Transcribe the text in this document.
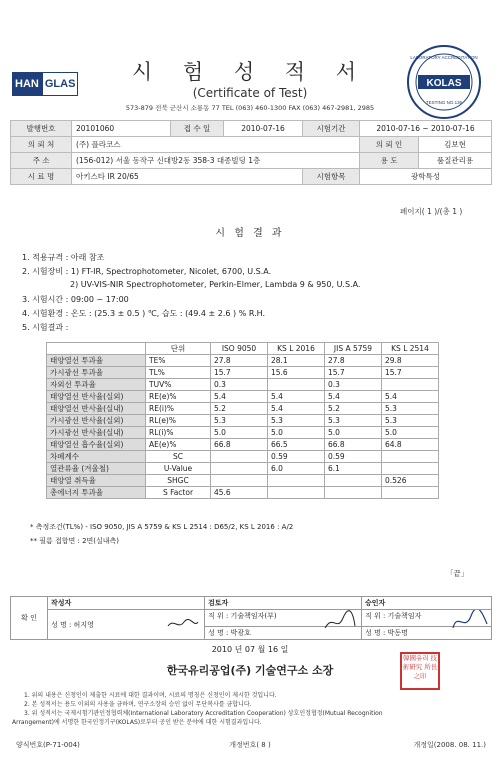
HAN GLAS	시 험 성 적 서
(Certificate of Test)
KOLAS
LABORATORY ACCREDITATION
TESTING NO.136
573-879 전북 군산시 소룡동 77 TEL (063) 460-1300 FAX (063) 467-2981, 2985
발행번호	20101060	접 수 일	2010-07-16	시험기간	2010-07-16 ~ 2010-07-16	
의 뢰 처	(주) 플라코스				의 뢰 인	김보현
주 소	(156-012) 서울 동작구 신대방2동 358-3 대종빌딩 1층				용 도	품질관리용
시 료 명	아키스타 IR 20/65			시험항목	광학특성	
페이지( 1 )/(총 1 )
시 험 결 과
1. 적용규격 : 아래 참조
2. 시험장비 : 1) FT-IR, Spectrophotometer, Nicolet, 6700, U.S.A.
2) UV-VIS-NIR Spectrophotometer, Perkin-Elmer, Lambda 9 & 950, U.S.A.
3. 시험시간 : 09:00 ~ 17:00
4. 시험환경 : 온도 : (25.3 ± 0.5 ) ℃, 습도 : (49.4 ± 2.6 ) % R.H.
5. 시험결과 :
	단위	ISO 9050	KS L 2016	JIS A 5759	KS L 2514
태양열선 투과율	TE%	27.8	28.1	27.8	29.8
가시광선 투과율	TL%	15.7	15.6	15.7	15.7
자외선 투과율	TUV%	0.3		0.3	
태양열선 반사율(실외)	RE(e)%	5.4	5.4	5.4	5.4
태양열선 반사율(실내)	RE(i)%	5.2	5.4	5.2	5.3
가시광선 반사율(실외)	RL(e)%	5.3	5.3	5.3	5.3
가시광선 반사율(실내)	RL(i)%	5.0	5.0	5.0	5.0
태양열선 흡수율(실외)	AE(e)%	66.8	66.5	66.8	64.8
차폐계수	SC		0.59	0.59	
열관류율 (겨울철)	U-Value		6.0	6.1	
태양열 취득율	SHGC				0.526
총에너지 투과율	S Factor	45.6			
* 측정조건(TL%) - ISO 9050, JIS A 5759 & KS L 2514 : D65/2, KS L 2016 : A/2
** 필름 접합면 : 2면(실내측)
「끝」
확 인	작성자	검토자	승인자
	성 명 : 허지영	직 위 : 기술책임자(부)	직 위 : 기술책임자

		성 명 : 박광호	성 명 : 박동명
2010 년 07 월 16 일
한국유리공업(주) 기술연구소 소장
韓國유리 技術硏究 所長之印
1. 위의 내용은 신청인이 제출한 시료에 대한 결과이며, 시료의 명칭은 신청인이 제시한 것입니다.
2. 본 성적서는 용도 이외의 사용을 금하며, 연구소장의 승인 없이 무단복사를 금합니다.
3. 위 성적서는 국제시험기관인정협력체(International Laboratory Accreditation Cooperation) 상호인정협정(Mutual Recognition
Arrangement)에 서명한 한국인정기구(KOLAS)로부터 공인 받은 분야에 대한 시험결과입니다.
양식번호(P-71-004)	개정번호( 8 )	개정일(2008. 08. 11.)
